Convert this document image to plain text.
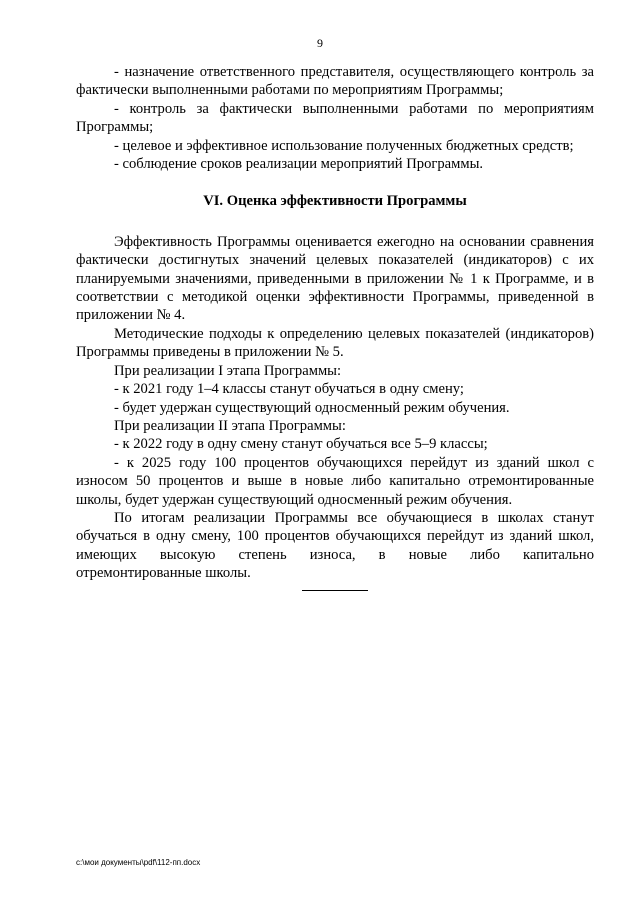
9

- назначение ответственного представителя, осуществляющего контроль за фактически выполненными работами по мероприятиям Программы;

- контроль за фактически выполненными работами по мероприятиям Программы;

- целевое и эффективное использование полученных бюджетных средств;

- соблюдение сроков реализации мероприятий Программы.

VI. Оценка эффективности Программы

Эффективность Программы оценивается ежегодно на основании сравнения фактически достигнутых значений целевых показателей (индикаторов) с их планируемыми значениями, приведенными в приложении № 1 к Программе, и в соответствии с методикой оценки эффективности Программы, приведенной в приложении № 4.

Методические подходы к определению целевых показателей (индикаторов) Программы приведены в приложении № 5.

При реализации I этапа Программы:

- к 2021 году 1–4 классы станут обучаться в одну смену;

- будет удержан существующий односменный режим обучения.

При реализации II этапа Программы:

- к 2022 году в одну смену станут обучаться все 5–9 классы;

- к 2025 году 100 процентов обучающихся перейдут из зданий школ с износом 50 процентов и выше в новые либо капитально отремонтированные школы, будет удержан существующий односменный режим обучения.

По итогам реализации Программы все обучающиеся в школах станут обучаться в одну смену, 100 процентов обучающихся перейдут из зданий школ, имеющих высокую степень износа, в новые либо капитально

отремонтированные школы.

c:\мои документы\pdf\112-пп.docx
